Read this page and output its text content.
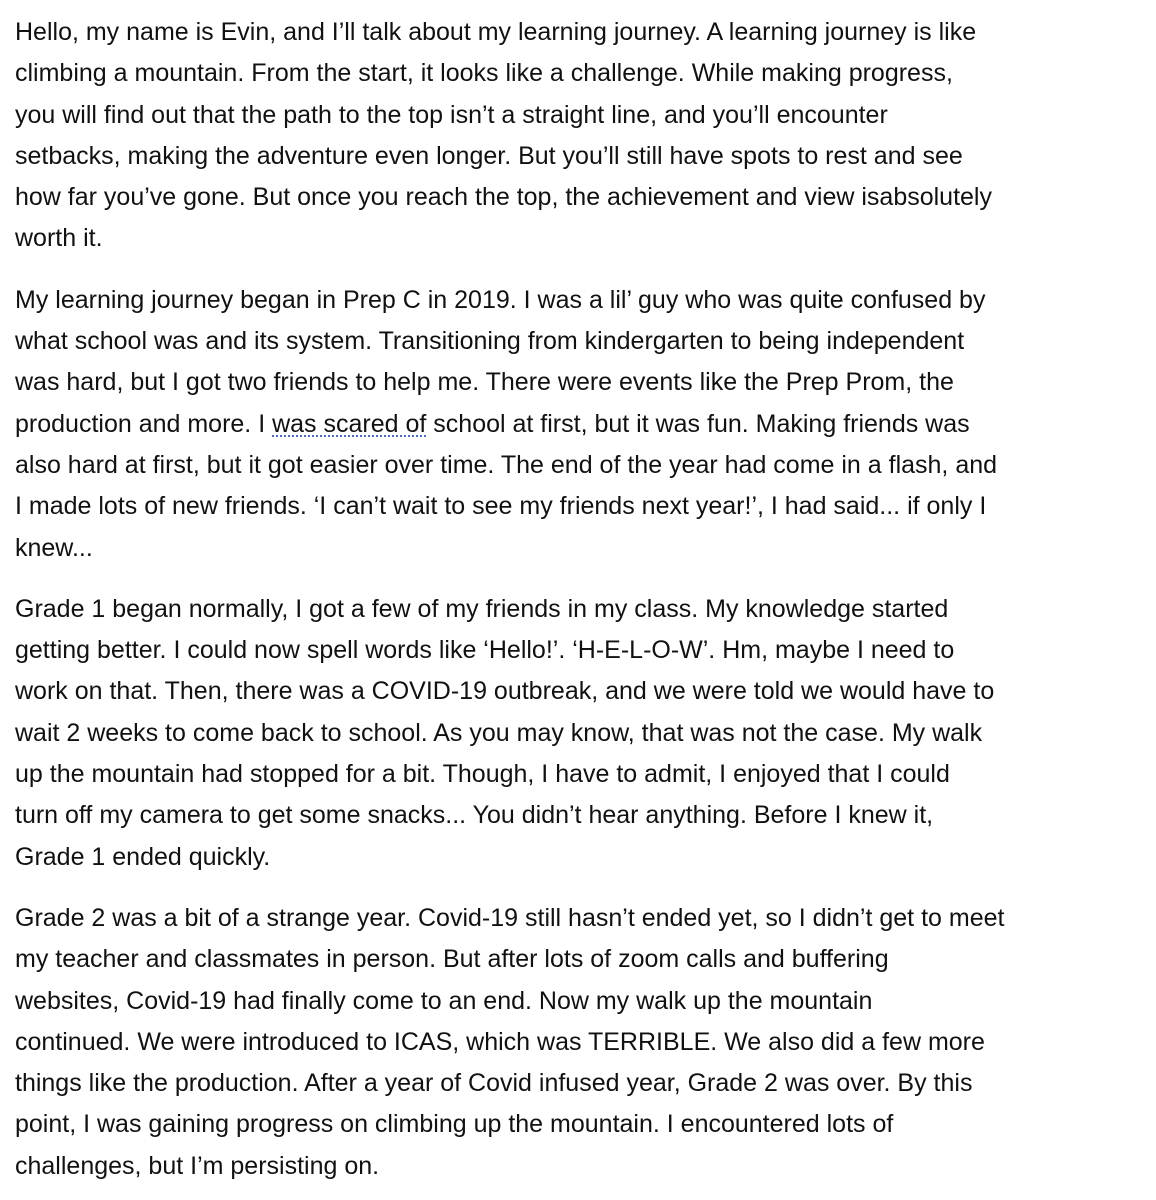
Hello, my name is Evin, and I’ll talk about my learning journey. A learning journey is like
climbing a mountain. From the start, it looks like a challenge. While making progress,
you will find out that the path to the top isn’t a straight line, and you’ll encounter
setbacks, making the adventure even longer. But you’ll still have spots to rest and see
how far you’ve gone. But once you reach the top, the achievement and view isabsolutely
worth it.

My learning journey began in Prep C in 2019. I was a lil’ guy who was quite confused by
what school was and its system. Transitioning from kindergarten to being independent
was hard, but I got two friends to help me. There were events like the Prep Prom, the
production and more. I was scared of school at first, but it was fun. Making friends was
also hard at first, but it got easier over time. The end of the year had come in a flash, and
I made lots of new friends. ‘I can’t wait to see my friends next year!’, I had said... if only I
knew...

Grade 1 began normally, I got a few of my friends in my class. My knowledge started
getting better. I could now spell words like ‘Hello!’. ‘H-E-L-O-W’. Hm, maybe I need to
work on that. Then, there was a COVID-19 outbreak, and we were told we would have to
wait 2 weeks to come back to school. As you may know, that was not the case. My walk
up the mountain had stopped for a bit. Though, I have to admit, I enjoyed that I could
turn off my camera to get some snacks... You didn’t hear anything. Before I knew it,
Grade 1 ended quickly.

Grade 2 was a bit of a strange year. Covid-19 still hasn’t ended yet, so I didn’t get to meet
my teacher and classmates in person. But after lots of zoom calls and buffering
websites, Covid-19 had finally come to an end. Now my walk up the mountain
continued. We were introduced to ICAS, which was TERRIBLE. We also did a few more
things like the production. After a year of Covid infused year, Grade 2 was over. By this
point, I was gaining progress on climbing up the mountain. I encountered lots of
challenges, but I’m persisting on.
